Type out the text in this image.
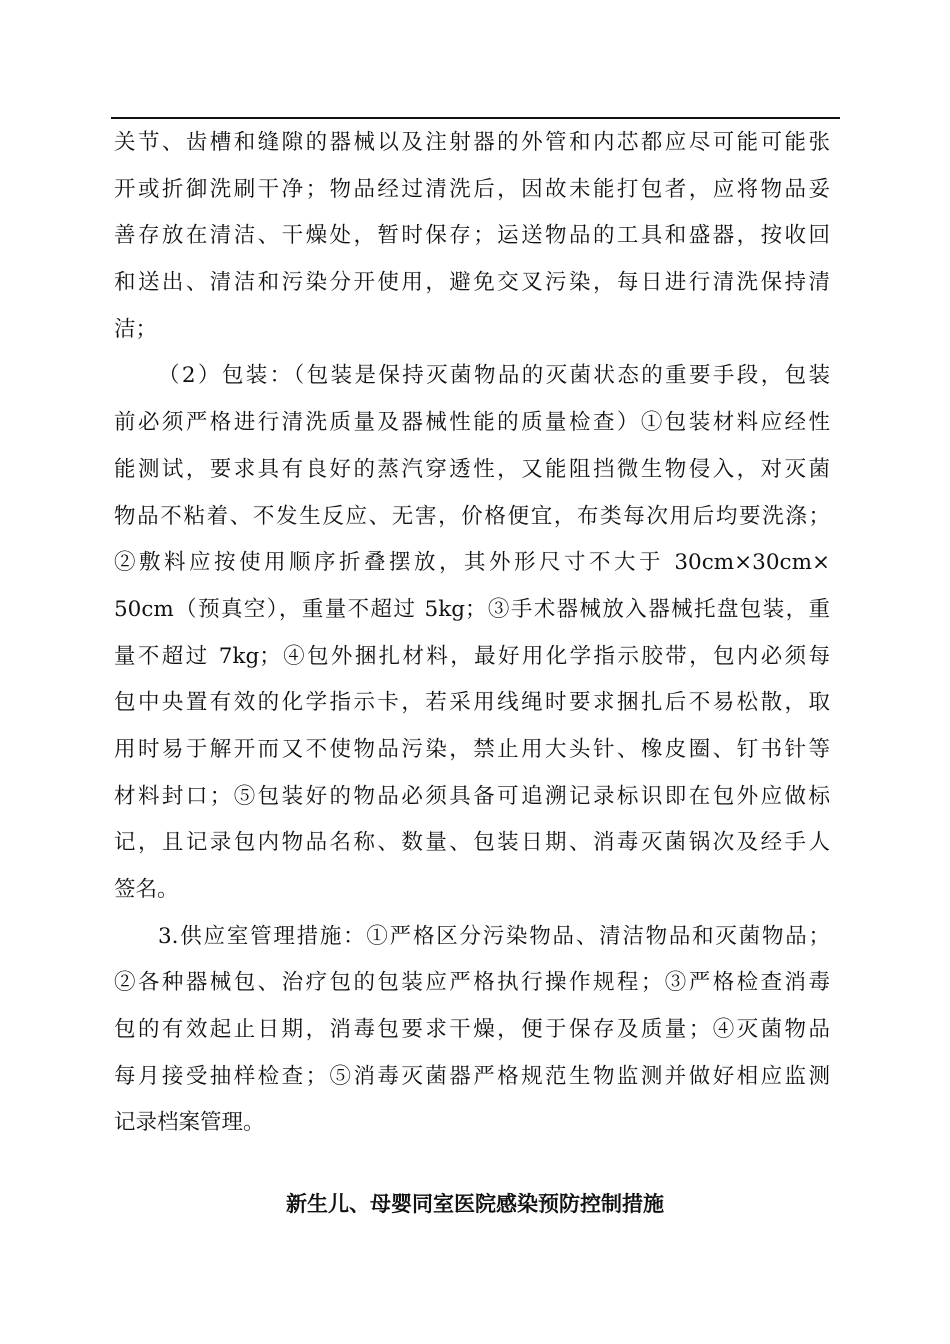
关节、齿槽和缝隙的器械以及注射器的外管和内芯都应尽可能可能张
开或折御洗刷干净；物品经过清洗后，因故未能打包者，应将物品妥
善存放在清洁、干燥处，暂时保存；运送物品的工具和盛器，按收回
和送出、清洁和污染分开使用，避免交叉污染，每日进行清洗保持清
洁；
（2）包装：（包装是保持灭菌物品的灭菌状态的重要手段，包装
前必须严格进行清洗质量及器械性能的质量检查）①包装材料应经性
能测试，要求具有良好的蒸汽穿透性，又能阻挡微生物侵入，对灭菌
物品不粘着、不发生反应、无害，价格便宜，布类每次用后均要洗涤；
②敷料应按使用顺序折叠摆放，其外形尺寸不大于 30cm×30cm×
50cm（预真空），重量不超过 5kg；③手术器械放入器械托盘包装，重
量不超过 7kg；④包外捆扎材料，最好用化学指示胶带，包内必须每
包中央置有效的化学指示卡，若采用线绳时要求捆扎后不易松散，取
用时易于解开而又不使物品污染，禁止用大头针、橡皮圈、钉书针等
材料封口；⑤包装好的物品必须具备可追溯记录标识即在包外应做标
记，且记录包内物品名称、数量、包装日期、消毒灭菌锅次及经手人
签名。
3.供应室管理措施：①严格区分污染物品、清洁物品和灭菌物品；
②各种器械包、治疗包的包装应严格执行操作规程；③严格检查消毒
包的有效起止日期，消毒包要求干燥，便于保存及质量；④灭菌物品
每月接受抽样检查；⑤消毒灭菌器严格规范生物监测并做好相应监测
记录档案管理。
新生儿、母婴同室医院感染预防控制措施
